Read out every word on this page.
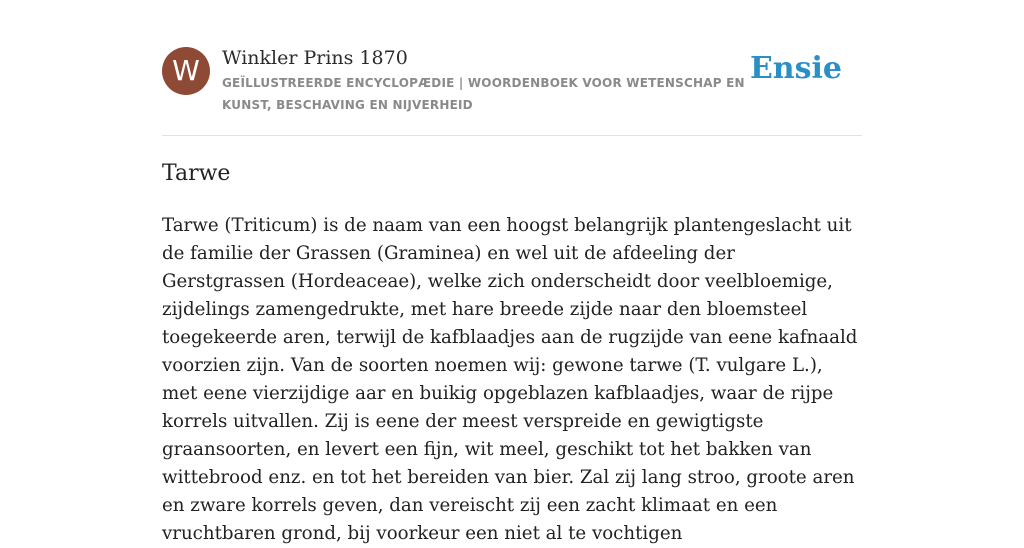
W	Winkler Prins 1870
GEÏLLUSTREERDE ENCYCLOPÆDIE | WOORDENBOEK VOOR WETENSCHAP EN KUNST, BESCHAVING EN NIJVERHEID
Ensie
Tarwe

Tarwe (Triticum) is de naam van een hoogst belangrijk plantengeslacht uit de familie der Grassen (Graminea) en wel uit de afdeeling der Gerstgrassen (Hordeaceae), welke zich onderscheidt door veelbloemige, zijdelings zamengedrukte, met hare breede zijde naar den bloemsteel toegekeerde aren, terwijl de kafblaadjes aan de rugzijde van eene kafnaald voorzien zijn. Van de soorten noemen wij: gewone tarwe (T. vulgare L.), met eene vierzijdige aar en buikig opgeblazen kafblaadjes, waar de rijpe korrels uitvallen. Zij is eene der meest verspreide en gewigtigste graansoorten, en levert een fijn, wit meel, geschikt tot het bakken van wittebrood enz. en tot het bereiden van bier. Zal zij lang stroo, groote aren en zware korrels geven, dan vereischt zij een zacht klimaat en een vruchtbaren grond, bij voorkeur een niet al te vochtigen
